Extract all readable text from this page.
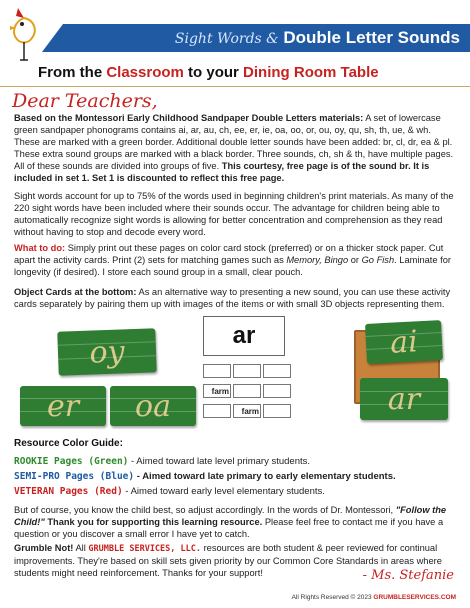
Sight Words & Double Letter Sounds
From the Classroom to your Dining Room Table
Dear Teachers,
Based on the Montessori Early Childhood Sandpaper Double Letters materials: A set of lowercase green sandpaper phonograms contains ai, ar, au, ch, ee, er, ie, oa, oo, or, ou, oy, qu, sh, th, ue, & wh. These are marked with a green border. Additional double letter sounds have been added: br, cl, dr, ea & pl. These extra sound groups are marked with a black border. Three sounds, ch, sh & th, have multiple pages. All of these sounds are divided into groups of five. This courtesy, free page is of the sound br. It is included in set 1. Set 1 is discounted to reflect this free page.
Sight words account for up to 75% of the words used in beginning children's print materials. As many of the 220 sight words have been included where their sounds occur. The advantage for children being able to automatically recognize sight words is allowing for better concentration and comprehension as they read without having to stop and decode every word.
What to do: Simply print out these pages on color card stock (preferred) or on a thicker stock paper. Cut apart the activity cards. Print (2) sets for matching games such as Memory, Bingo or Go Fish. Laminate for longevity (if desired). I store each sound group in a small, clear pouch.
Object Cards at the bottom: As an alternative way to presenting a new sound, you can use these activity cards separately by pairing them up with images of the items or with small 3D objects representing them.
oy
er	oa
ar
farm
farm
ai
ar
Resource Color Guide:
ROOKIE Pages (Green) - Aimed toward late level primary students.
SEMI-PRO Pages (Blue) - Aimed toward late primary to early elementary students.
VETERAN Pages (Red) - Aimed toward early level elementary students.
But of course, you know the child best, so adjust accordingly. In the words of Dr. Montessori, "Follow the Child!" Thank you for supporting this learning resource. Please feel free to contact me if you have a question or you discover a small error I have yet to catch.
Grumble Not! All GRUMBLE SERVICES, LLC. resources are both student & peer reviewed for continual improvements. They're based on skill sets given priority by our Common Core Standards in areas where students might need reinforcement. Thanks for your support!	- Ms. Stefanie
All Rights Reserved © 2023 GRUMBLESERVICES.COM
